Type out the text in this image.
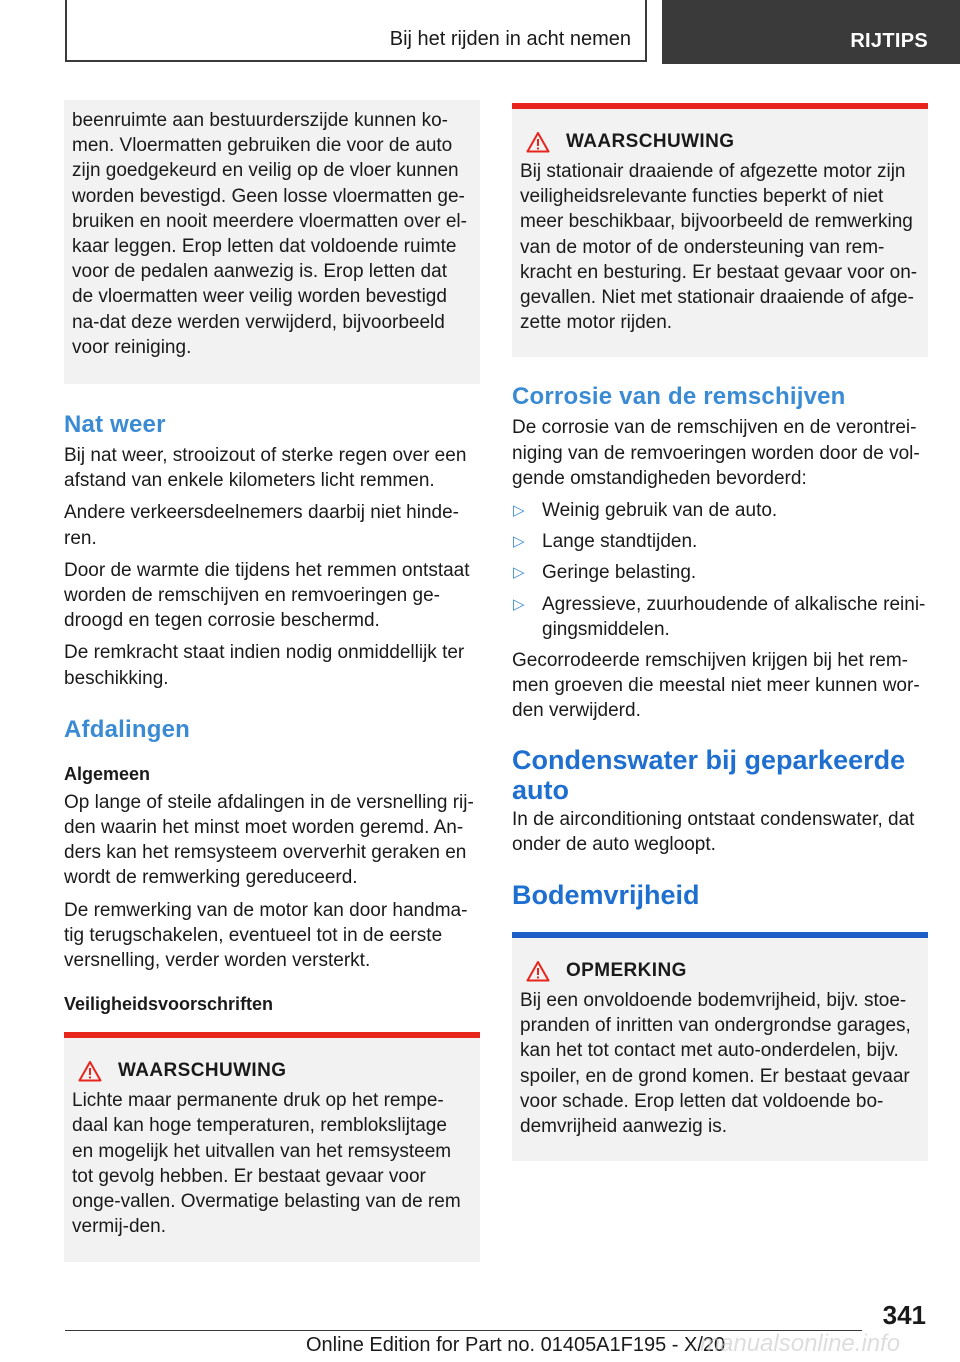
Bij het rijden in acht nemen	RIJTIPS

beenruimte aan bestuurderszijde kunnen ko-men. Vloermatten gebruiken die voor de auto zijn goedgekeurd en veilig op de vloer kunnen worden bevestigd. Geen losse vloermatten ge-bruiken en nooit meerdere vloermatten over el-kaar leggen. Erop letten dat voldoende ruimte voor de pedalen aanwezig is. Erop letten dat de vloermatten weer veilig worden bevestigd na-dat deze werden verwijderd, bijvoorbeeld voor reiniging.

Nat weer

Bij nat weer, strooizout of sterke regen over een afstand van enkele kilometers licht remmen.

Andere verkeersdeelnemers daarbij niet hinde-ren.

Door de warmte die tijdens het remmen ontstaat worden de remschijven en remvoeringen ge-droogd en tegen corrosie beschermd.

De remkracht staat indien nodig onmiddellijk ter beschikking.

Afdalingen
Algemeen

Op lange of steile afdalingen in de versnelling rij-den waarin het minst moet worden geremd. An-ders kan het remsysteem oververhit geraken en wordt de remwerking gereduceerd.

De remwerking van de motor kan door handma-tig terugschakelen, eventueel tot in de eerste versnelling, verder worden versterkt.

Veiligheidsvoorschriften
WAARSCHUWING

Lichte maar permanente druk op het rempe-daal kan hoge temperaturen, remblokslijtage en mogelijk het uitvallen van het remsysteem tot gevolg hebben. Er bestaat gevaar voor onge-vallen. Overmatige belasting van de rem vermij-den.

WAARSCHUWING

Bij stationair draaiende of afgezette motor zijn veiligheidsrelevante functies beperkt of niet meer beschikbaar, bijvoorbeeld de remwerking van de motor of de ondersteuning van rem-kracht en besturing. Er bestaat gevaar voor on-gevallen. Niet met stationair draaiende of afge-zette motor rijden.

Corrosie van de remschijven

De corrosie van de remschijven en de verontrei-niging van de remvoeringen worden door de vol-gende omstandigheden bevorderd:

▷ Weinig gebruik van de auto.
▷ Lange standtijden.
▷ Geringe belasting.
▷ Agressieve, zuurhoudende of alkalische reini-gingsmiddelen.

Gecorrodeerde remschijven krijgen bij het rem-men groeven die meestal niet meer kunnen wor-den verwijderd.

Condenswater bij geparkeerde auto

In de airconditioning ontstaat condenswater, dat onder de auto wegloopt.

Bodemvrijheid
OPMERKING

Bij een onvoldoende bodemvrijheid, bijv. stoe-pranden of inritten van ondergrondse garages, kan het tot contact met auto-onderdelen, bijv. spoiler, en de grond komen. Er bestaat gevaar voor schade. Erop letten dat voldoende bo-demvrijheid aanwezig is.

341
Online Edition for Part no. 01405A1F195 - X/20
manualsonline.info
